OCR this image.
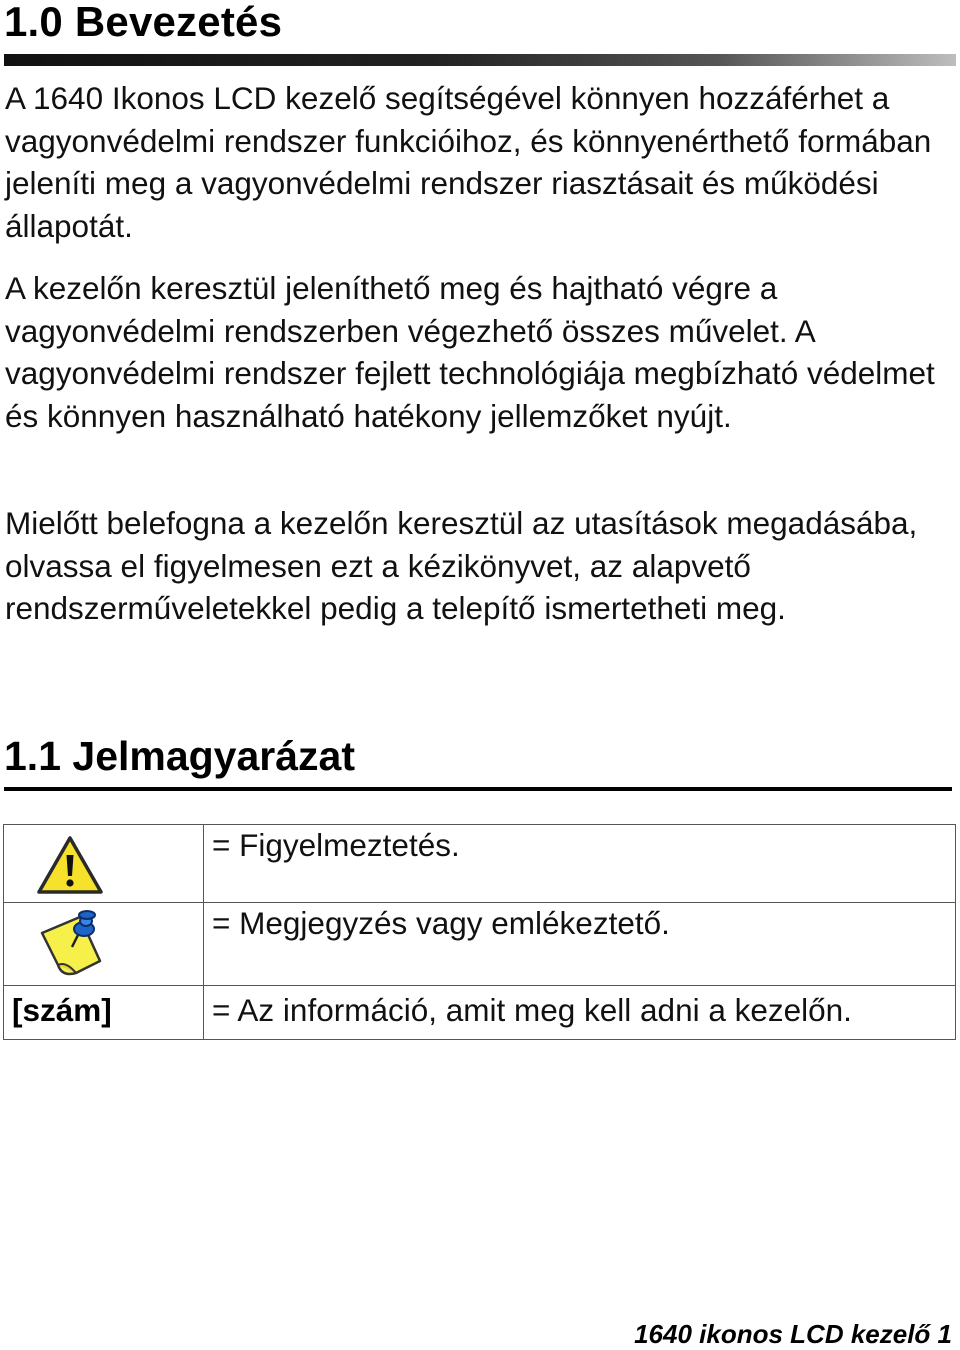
1.0 Bevezetés

A 1640 Ikonos LCD kezelő segítségével könnyen hozzáférhet a vagyonvédelmi rendszer funkcióihoz, és könnyenérthető formában jeleníti meg a vagyonvédelmi rendszer riasztásait és működési állapotát.

A kezelőn keresztül jeleníthető meg és hajtható végre a vagyonvédelmi rendszerben végezhető összes művelet. A vagyonvédelmi rendszer fejlett technológiája megbízható védelmet és könnyen használható hatékony jellemzőket nyújt.

Mielőtt belefogna a kezelőn keresztül az utasítások megadásába, olvassa el figyelmesen ezt a kézikönyvet, az alapvető rendszerműveletekkel pedig a telepítő ismertetheti meg.

1.1 Jelmagyarázat
	= Figyelmeztetés.

	= Megjegyzés vagy emlékeztető.
[szám]	= Az információ, amit meg kell adni a kezelőn.
1640 ikonos LCD kezelő 1
